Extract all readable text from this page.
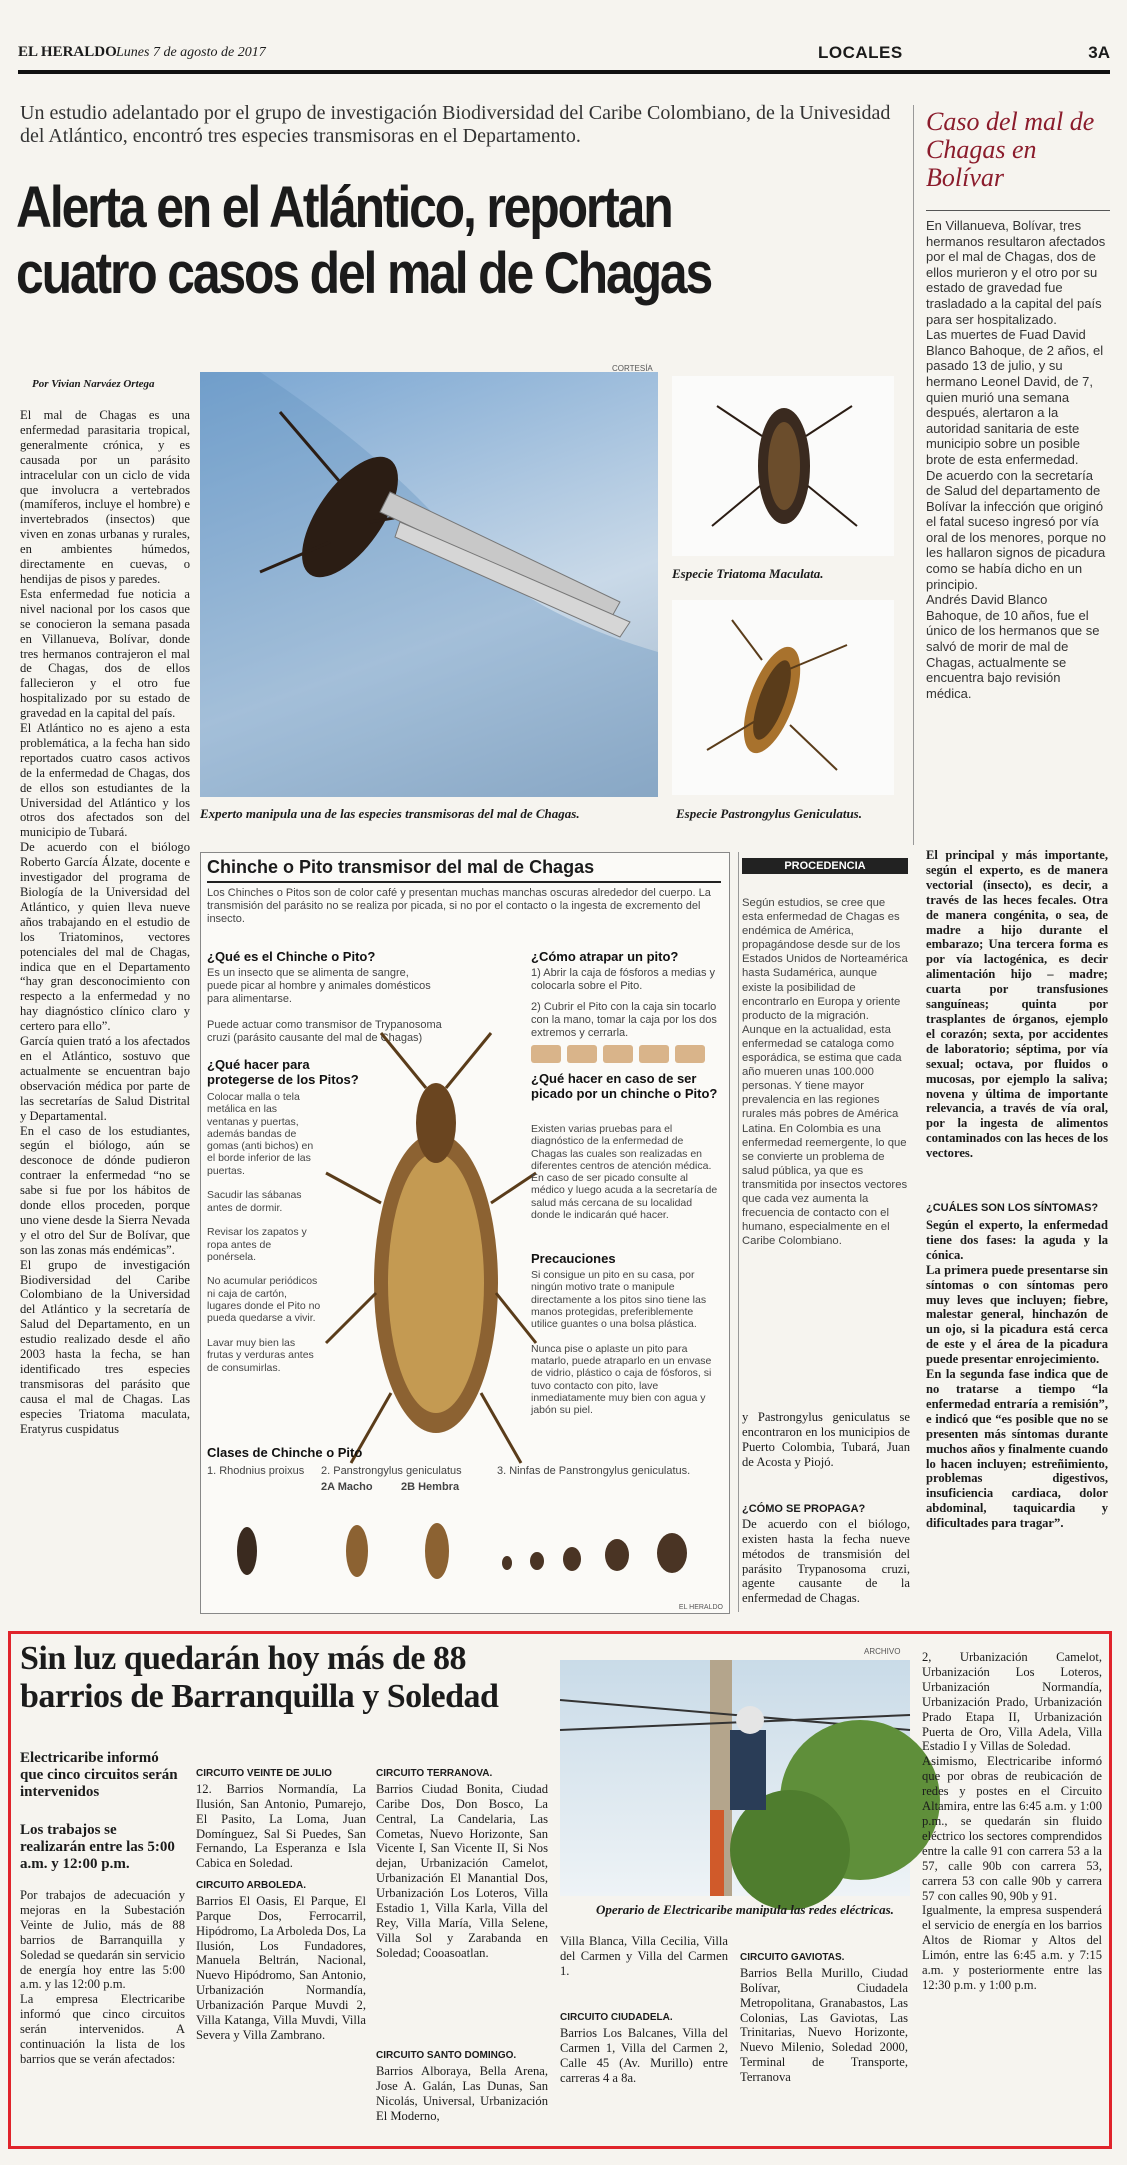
EL HERALDO Lunes 7 de agosto de 2017	LOCALES	3A
Un estudio adelantado por el grupo de investigación Biodiversidad del Caribe Colombiano, de la Univesidad del Atlántico, encontró tres especies transmisoras en el Departamento.
Alerta en el Atlántico, reportan
cuatro casos del mal de Chagas
Por Vivian Narváez Ortega
CORTESÍA
Especie Triatoma Maculata.
Experto manipula una de las especies transmisoras del mal de Chagas.	Especie Pastrongylus Geniculatus.
El mal de Chagas es una enfermedad parasitaria tropical, generalmente crónica, y es causada por un parásito intracelular con un ciclo de vida que involucra a vertebrados (mamíferos, incluye el hombre) e invertebrados (insectos) que viven en zonas urbanas y rurales, en ambientes húmedos, directamente en cuevas, o hendijas de pisos y paredes.
Esta enfermedad fue noticia a nivel nacional por los casos que se conocieron la semana pasada en Villanueva, Bolívar, donde tres hermanos contrajeron el mal de Chagas, dos de ellos fallecieron y el otro fue hospitalizado por su estado de gravedad en la capital del país.
El Atlántico no es ajeno a esta problemática, a la fecha han sido reportados cuatro casos activos de la enfermedad de Chagas, dos de ellos son estudiantes de la Universidad del Atlántico y los otros dos afectados son del municipio de Tubará.
De acuerdo con el biólogo Roberto García Álzate, docente e investigador del programa de Biología de la Universidad del Atlántico, y quien lleva nueve años trabajando en el estudio de los Triatominos, vectores potenciales del mal de Chagas, indica que en el Departamento “hay gran desconocimiento con respecto a la enfermedad y no hay diagnóstico clínico claro y certero para ello”.
García quien trató a los afectados en el Atlántico, sostuvo que actualmente se encuentran bajo observación médica por parte de las secretarías de Salud Distrital y Departamental.
En el caso de los estudiantes, según el biólogo, aún se desconoce de dónde pudieron contraer la enfermedad “no se sabe si fue por los hábitos de donde ellos proceden, porque uno viene desde la Sierra Nevada y el otro del Sur de Bolívar, que son las zonas más endémicas”.
El grupo de investigación Biodiversidad del Caribe Colombiano de la Universidad del Atlántico y la secretaría de Salud del Departamento, en un estudio realizado desde el año 2003 hasta la fecha, se han identificado tres especies transmisoras del parásito que causa el mal de Chagas. Las especies Triatoma maculata, Eratyrus cuspidatus
Caso del mal de Chagas en Bolívar
En Villanueva, Bolívar, tres hermanos resultaron afectados por el mal de Chagas, dos de ellos murieron y el otro por su estado de gravedad fue trasladado a la capital del país para ser hospitalizado.
Las muertes de Fuad David Blanco Bahoque, de 2 años, el pasado 13 de julio, y su hermano Leonel David, de 7, quien murió una semana después, alertaron a la autoridad sanitaria de este municipio sobre un posible brote de esta enfermedad.
De acuerdo con la secretaría de Salud del departamento de Bolívar la infección que originó el fatal suceso ingresó por vía oral de los menores, porque no les hallaron signos de picadura como se había dicho en un principio.
Andrés David Blanco Bahoque, de 10 años, fue el único de los hermanos que se salvó de morir de mal de Chagas, actualmente se encuentra bajo revisión médica.
Chinche o Pito transmisor del mal de Chagas
Los Chinches o Pitos son de color café y presentan muchas manchas oscuras alrededor del cuerpo. La transmisión del parásito no se realiza por picada, si no por el contacto o la ingesta de excremento del insecto.
¿Qué es el Chinche o Pito?
Es un insecto que se alimenta de sangre, puede picar al hombre y animales domésticos para alimentarse.

Puede actuar como transmisor de Trypanosoma cruzi (parásito causante del mal de Chagas)
¿Qué hacer para protegerse de los Pitos?
Colocar malla o tela metálica en las ventanas y puertas, además bandas de gomas (anti bichos) en el borde inferior de las puertas.

Sacudir las sábanas antes de dormir.

Revisar los zapatos y ropa antes de ponérsela.

No acumular periódicos ni caja de cartón, lugares donde el Pito no pueda quedarse a vivir.

Lavar muy bien las frutas y verduras antes de consumirlas.
¿Cómo atrapar un pito?
1) Abrir la caja de fósforos a medias y colocarla sobre el Pito.
2) Cubrir el Pito con la caja sin tocarlo con la mano, tomar la caja por los dos extremos y cerrarla.
¿Qué hacer en caso de ser picado por un chinche o Pito?
Existen varias pruebas para el diagnóstico de la enfermedad de Chagas las cuales son realizadas en diferentes centros de atención médica. En caso de ser picado consulte al médico y luego acuda a la secretaría de salud más cercana de su localidad donde le indicarán qué hacer.
Precauciones
Si consigue un pito en su casa, por ningún motivo trate o manipule directamente a los pitos sino tiene las manos protegidas, preferiblemente utilice guantes o una bolsa plástica.

Nunca pise o aplaste un pito para matarlo, puede atraparlo en un envase de vidrio, plástico o caja de fósforos, si tuvo contacto con pito, lave inmediatamente muy bien con agua y jabón su piel.
Clases de Chinche o Pito
1. Rhodnius proixus 2. Panstrongylus geniculatus
2A Macho	2B Hembra
3. Ninfas de Panstrongylus geniculatus.
EL HERALDO
PROCEDENCIA
Según estudios, se cree que esta enfermedad de Chagas es endémica de América, propagándose desde sur de los Estados Unidos de Norteamérica hasta Sudamérica, aunque existe la posibilidad de encontrarlo en Europa y oriente producto de la migración. Aunque en la actualidad, esta enfermedad se cataloga como esporádica, se estima que cada año mueren unas 100.000 personas. Y tiene mayor prevalencia en las regiones rurales más pobres de América Latina. En Colombia es una enfermedad reemergente, lo que se convierte un problema de salud pública, ya que es transmitida por insectos vectores que cada vez aumenta la frecuencia de contacto con el humano, especialmente en el Caribe Colombiano.
y Pastrongylus geniculatus se encontraron en los municipios de Puerto Colombia, Tubará, Juan de Acosta y Piojó.

¿CÓMO SE PROPAGA?
De acuerdo con el biólogo, existen hasta la fecha nueve métodos de transmisión del parásito Trypanosoma cruzi, agente causante de la enfermedad de Chagas.

El principal y más importante, según el experto, es de manera vectorial (insecto), es decir, a través de las heces fecales. Otra de manera congénita, o sea, de madre a hijo durante el embarazo; Una tercera forma es por vía lactogénica, es decir alimentación hijo – madre; cuarta por transfusiones sanguíneas; quinta por trasplantes de órganos, ejemplo el corazón; sexta, por accidentes de laboratorio; séptima, por vía sexual; octava, por fluidos o mucosas, por ejemplo la saliva; novena y última de importante relevancia, a través de vía oral, por la ingesta de alimentos contaminados con las heces de los vectores.
¿CUÁLES SON LOS SÍNTOMAS?
Según el experto, la enfermedad tiene dos fases: la aguda y la cónica.
La primera puede presentarse sin síntomas o con síntomas pero muy leves que incluyen; fiebre, malestar general, hinchazón de un ojo, si la picadura está cerca de este y el área de la picadura puede presentar enrojecimiento.
En la segunda fase indica que de no tratarse a tiempo “la enfermedad entraría a remisión”, e indicó que “es posible que no se presenten más síntomas durante muchos años y finalmente cuando lo hacen incluyen; estreñimiento, problemas digestivos, insuficiencia cardiaca, dolor abdominal, taquicardia y dificultades para tragar”.
Sin luz quedarán hoy más de 88
barrios de Barranquilla y Soledad
Electricaribe informó que cinco circuitos serán intervenidos
Los trabajos se realizarán entre las 5:00 a.m. y 12:00 p.m.
Por trabajos de adecuación y mejoras en la Subestación Veinte de Julio, más de 88 barrios de Barranquilla y Soledad se quedarán sin servicio de energía hoy entre las 5:00 a.m. y las 12:00 p.m.
La empresa Electricaribe informó que cinco circuitos serán intervenidos. A continuación la lista de los barrios que se verán afectados:

CIRCUITO VEINTE DE JULIO
12. Barrios Normandía, La Ilusión, San Antonio, Pumarejo, El Pasito, La Loma, Juan Domínguez, Sal Si Puedes, San Fernando, La Esperanza e Isla Cabica en Soledad.

CIRCUITO ARBOLEDA.
Barrios El Oasis, El Parque, El Parque Dos, Ferrocarril, Hipódromo, La Arboleda Dos, La Ilusión, Los Fundadores, Manuela Beltrán, Nacional, Nuevo Hipódromo, San Antonio, Urbanización Normandía, Urbanización Parque Muvdi 2, Villa Katanga, Villa Muvdi, Villa Severa y Villa Zambrano.

CIRCUITO TERRANOVA.
Barrios Ciudad Bonita, Ciudad Caribe Dos, Don Bosco, La Central, La Candelaria, Las Cometas, Nuevo Horizonte, San Vicente I, San Vicente II, Si Nos dejan, Urbanización Camelot, Urbanización El Manantial Dos, Urbanización Los Loteros, Villa Estadio 1, Villa Karla, Villa del Rey, Villa María, Villa Selene, Villa Sol y Zarabanda en Soledad; Cooasoatlan.

CIRCUITO SANTO DOMINGO.
Barrios Alboraya, Bella Arena, Jose A. Galán, Las Dunas, San Nicolás, Universal, Urbanización El Moderno,

ARCHIVO
Operario de Electricaribe manipula las redes eléctricas.
Villa Blanca, Villa Cecilia, Villa del Carmen y Villa del Carmen 1.

CIRCUITO CIUDADELA.
Barrios Los Balcanes, Villa del Carmen 1, Villa del Carmen 2, Calle 45 (Av. Murillo) entre carreras 4 a 8a.

CIRCUITO GAVIOTAS.
Barrios Bella Murillo, Ciudad Bolívar, Ciudadela Metropolitana, Granabastos, Las Colonias, Las Gaviotas, Las Trinitarias, Nuevo Horizonte, Nuevo Milenio, Soledad 2000, Terminal de Transporte, Terranova

2, Urbanización Camelot, Urbanización Los Loteros, Urbanización Normandía, Urbanización Prado, Urbanización Prado Etapa II, Urbanización Puerta de Oro, Villa Adela, Villa Estadio I y Villas de Soledad.
Asimismo, Electricaribe informó que por obras de reubicación de redes y postes en el Circuito Altamira, entre las 6:45 a.m. y 1:00 p.m., se quedarán sin fluido eléctrico los sectores comprendidos entre la calle 91 con carrera 53 a la 57, calle 90b con carrera 53, carrera 53 con calle 90b y carrera 57 con calles 90, 90b y 91.
Igualmente, la empresa suspenderá el servicio de energía en los barrios Altos de Riomar y Altos del Limón, entre las 6:45 a.m. y 7:15 a.m. y posteriormente entre las 12:30 p.m. y 1:00 p.m.
